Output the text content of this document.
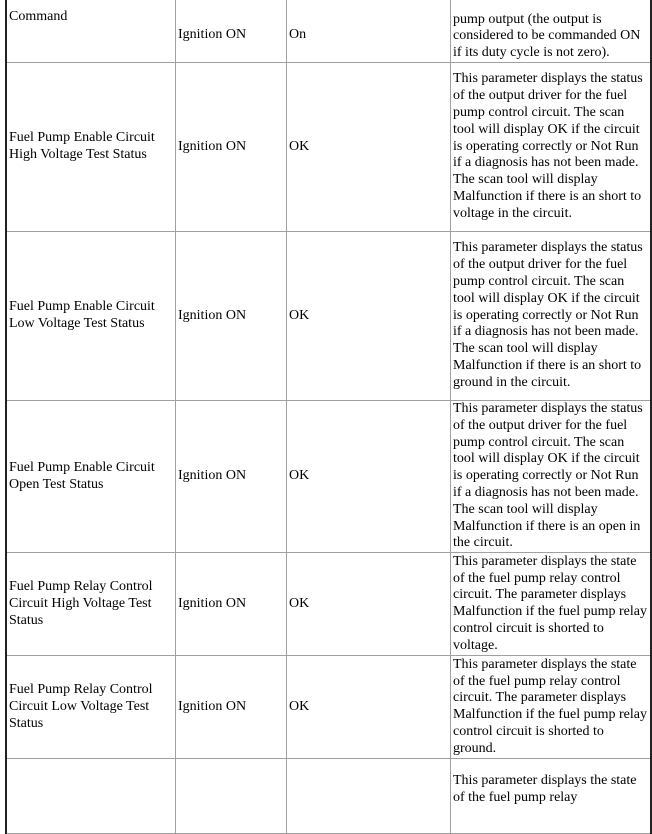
Command	Ignition ON	On	pump output (the output is considered to be commanded ON if its duty cycle is not zero).
Fuel Pump Enable Circuit High Voltage Test Status	Ignition ON	OK	This parameter displays the status of the output driver for the fuel pump control circuit. The scan tool will display OK if the circuit is operating correctly or Not Run if a diagnosis has not been made. The scan tool will display Malfunction if there is an short to voltage in the circuit.
Fuel Pump Enable Circuit Low Voltage Test Status	Ignition ON	OK	This parameter displays the status of the output driver for the fuel pump control circuit. The scan tool will display OK if the circuit is operating correctly or Not Run if a diagnosis has not been made. The scan tool will display Malfunction if there is an short to ground in the circuit.
Fuel Pump Enable Circuit Open Test Status	Ignition ON	OK	This parameter displays the status of the output driver for the fuel pump control circuit. The scan tool will display OK if the circuit is operating correctly or Not Run if a diagnosis has not been made. The scan tool will display Malfunction if there is an open in the circuit.
Fuel Pump Relay Control Circuit High Voltage Test Status	Ignition ON	OK	This parameter displays the state of the fuel pump relay control circuit. The parameter displays Malfunction if the fuel pump relay control circuit is shorted to voltage.
Fuel Pump Relay Control Circuit Low Voltage Test Status	Ignition ON	OK	This parameter displays the state of the fuel pump relay control circuit. The parameter displays Malfunction if the fuel pump relay control circuit is shorted to ground.
			This parameter displays the state of the fuel pump relay
